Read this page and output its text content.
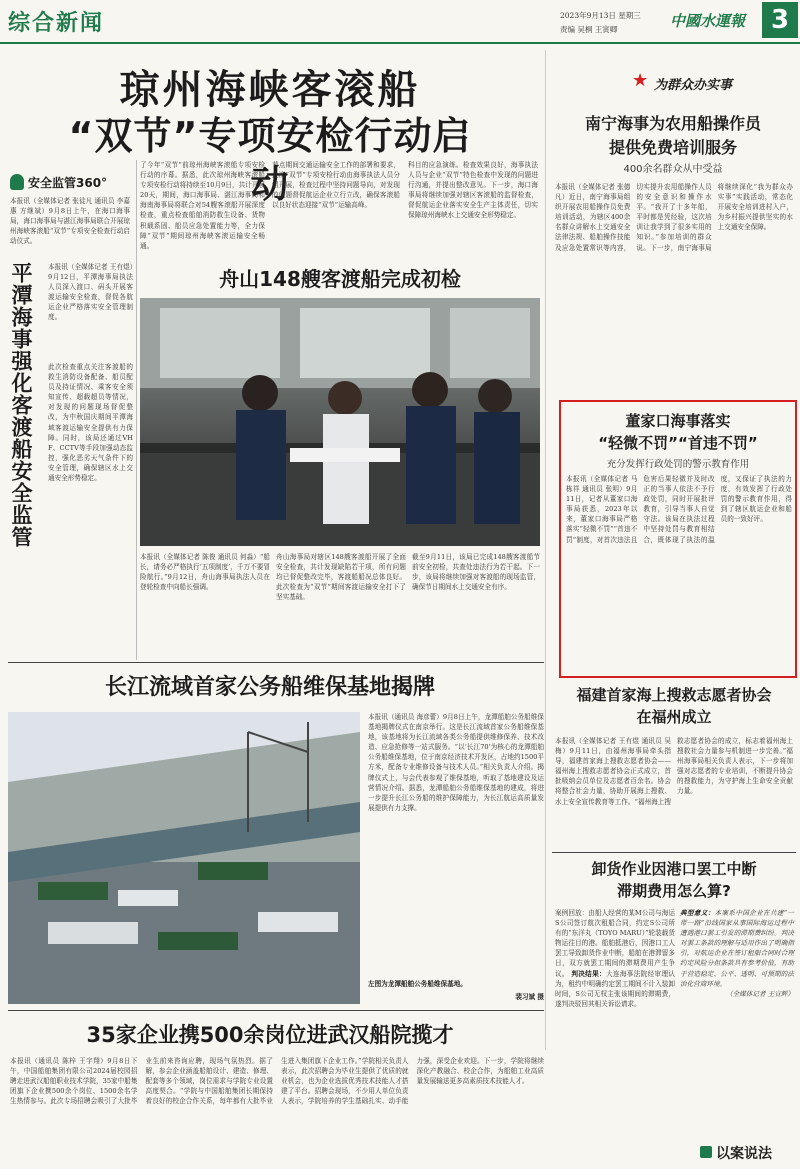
综合新闻	2023年9月13日 星期三
责编 吴桐 王寅卿	中國水運報 3
琼州海峡客滚船
“双节”专项安检行动启动
安全监管360°
本报讯（全媒体记者 张徒凡 通讯员 李嘉惠 方继斌）9月8日上午，在海口海事局，海口海事局与湛江海事局联合开展琼州海峡客滚船“双节”专项安全检查行动启动仪式。
了今年“双节”前琼州海峡客滚船专项安检行动的序幕。据悉，此次琼州海峡客滚船专项安检行动将持续至10月9日，共计开展20天，期间，海口海事局、湛江海事局和海南海事局将联合对54艘客滚船开展深度检查，重点检查船舶消防救生设备、货物积载系固、船员应急处置能力等，全力保障“双节”期间琼州海峡客滚运输安全畅通。
节点期间交通运输安全工作的部署和要求，此次“双节”专项安检行动由海事执法人员分组开展，检查过程中坚持问题导向，对发现的问题督促航运企业立行立改，确保客滚船以良好状态迎接“双节”运输高峰。
科目的应急演练。检查效果良好，海事执法人员与企业“双节”特色检查中发现的问题进行沟通，并提出整改意见。下一步，海口海事局将继续加强对辖区客滚船的监督检查，督促航运企业落实安全生产主体责任，切实保障琼州海峡水上交通安全形势稳定。
平潭海事强化客渡船安全监管	本报讯（全媒体记者 王有煜）9月12日，平潭海事局执法人员深入渡口、码头开展客渡运输安全检查，督促各航运企业严格落实安全管理制度。
此次检查重点关注客渡船的救生消防设备配备、船员配员及持证情况、乘客安全须知宣传、超载超员等情况，对发现的问题现场督促整改，为中秋国庆期间平潭海域客渡运输安全提供有力保障。同时，该局还通过VHF、CCTV等手段加强动态监控，强化恶劣天气条件下的安全管理，确保辖区水上交通安全形势稳定。
舟山148艘客渡船完成初检
本报讯（全媒体记者 陈俊 通讯员 何淼）“船长，请务必严格执行‘五项制度’，千万不要冒险航行。”9月12日，舟山海事局执法人员在登轮检查中向船长强调。
舟山海事局对辖区148艘客渡船开展了全面安全检查，共计发现缺陷若干项，所有问题均已督促整改完毕，客渡船船况总体良好。此次检查为“双节”期间客渡运输安全打下了坚实基础。
截至9月11日，该局已完成148艘客渡船节前安全初检，共查处违法行为若干起。下一步，该局将继续加强对客渡船的现场监管，确保节日期间水上交通安全有序。
★ 为群众办实事
南宁海事为农用船操作员
提供免费培训服务
400余名群众从中受益
本报讯（全媒体记者 张德凡）近日，南宁海事局组织开展农用船操作员免费培训活动，为辖区400余名群众讲解水上交通安全法律法规、船舶操作技能及应急处置常识等内容，切实提升农用船操作人员的安全意识和操作水平。“我开了十多年船，平时都是凭经验，这次培训让我学到了很多实用的知识。”参加培训的群众说。下一步，南宁海事局将继续深化“我为群众办实事”实践活动，常态化开展安全培训进村入户，为乡村振兴提供坚实的水上交通安全保障。
董家口海事落实
“轻微不罚”“首违不罚”
充分发挥行政处罚的警示教育作用
本报讯（全媒体记者 马栋祥 通讯员 张明）9月11日，记者从董家口海事局获悉，2023年以来，董家口海事局严格落实“轻微不罚”“首违不罚”制度，对首次违法且危害后果轻微并及时改正的当事人依法不予行政处罚，同时开展批评教育，引导当事人自觉守法。该局在执法过程中坚持处罚与教育相结合，既体现了执法的温度，又保证了执法的力度，有效发挥了行政处罚的警示教育作用，得到了辖区航运企业和船员的一致好评。
福建首家海上搜救志愿者协会
在福州成立
本报讯（全媒体记者 王有煜 通讯员 吴梅）9月11日，由福州海事局牵头指导，福建首家海上搜救志愿者协会——福州海上搜救志愿者协会正式成立，首批吸纳会员单位及志愿者百余名。协会将整合社会力量，协助开展海上搜救、水上安全宣传教育等工作。“福州海上搜救志愿者协会的成立，标志着福州海上搜救社会力量参与机制进一步完善。”福州海事局相关负责人表示，下一步将加强对志愿者的专业培训，不断提升协会的搜救能力，为守护海上生命安全贡献力量。
卸货作业因港口罢工中断
滞期费用怎么算?
案例回放：由船人经营的某M公司与海运S公司签订航次租船合同，约定S公司所有的“东洋丸（TOYO MARU）”轮装载货物运往目的港。船舶抵港后，因港口工人罢工导致卸货作业中断，船舶在港滞留多日，双方就罢工期间的滞期费用产生争议。 判决结果：大连海事法院经审理认为，租约中明确约定罢工期间不计入装卸时间，S公司无权主张该期间的滞期费，遂判决驳回其相关诉讼请求。
典型意义：本案系中国企业在共建“一带一路”沿线国家从事国际海运过程中遭遇港口罢工引发的滞期费纠纷。判决对罢工条款的理解与适用作出了明确指引，对航运企业在签订租船合同时合理约定风险分担条款具有参考价值，有助于营造稳定、公平、透明、可预期的法治化营商环境。
（全媒体记者 王宣辉）
以案说法
长江流域首家公务船维保基地揭牌
本报讯（通讯员 海彦蕾）9月8日上午，龙潭船舶公务船维保基地揭牌仪式在南京举行。这是长江流域首家公务船维保基地，该基地将为长江流域各类公务船提供维修保养、技术改造、应急抢修等一站式服务。“以‘长江70’为核心的龙潭船舶公务船维保基地，位于南京经济技术开发区，占地约1500平方米，配备专业维修设备与技术人员。”相关负责人介绍。揭牌仪式上，与会代表参观了维保基地，听取了基地建设及运营情况介绍。据悉，龙潭船舶公务船维保基地的建成，将进一步提升长江公务船的维护保障能力，为长江航运高质量发展提供有力支撑。
左图为龙潭船舶公务船维保基地。
裴习斌 摄
35家企业携500余岗位进武汉船院揽才
本报讯（通讯员 陈梓 王宇翔）9月8日下午，中国船舶集团有限公司2024届校园招聘走进武汉船舶职业技术学院，35家中船集团旗下企业携500余个岗位、1500余名学生热情参与。此次专场招聘会吸引了大批毕业生前来咨询应聘，现场气氛热烈。据了解，参会企业涵盖船舶设计、建造、修理、配套等多个领域，岗位需求与学院专业设置高度契合。“学院与中国船舶集团长期保持着良好的校企合作关系，每年都有大批毕业生进入集团旗下企业工作。”学院相关负责人表示，此次招聘会为毕业生提供了优质的就业机会，也为企业选拔优秀技术技能人才搭建了平台。招聘会现场，不少用人单位负责人表示，学院培养的学生基础扎实、动手能力强，深受企业欢迎。下一步，学院将继续深化产教融合、校企合作，为船舶工业高质量发展输送更多高素质技术技能人才。
